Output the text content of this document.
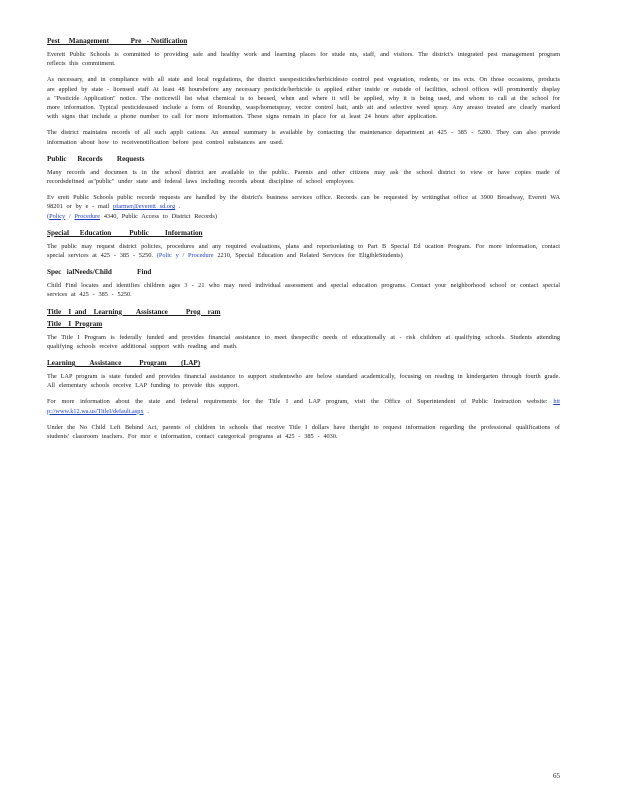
Pest     Management            Pre   - Notification

Everett Public Schools is committed to providing safe and healthy work and learning places for stude nts, staff, and visitors. The district's integrated pest management program reflects this commitment.

As necessary, and in compliance with all state and local regulations, the district usespesticides/herbicidesto control pest vegetation, rodents, or ins ects. On those occasions, products are applied by state - licensed staff At least 48 hoursbefore any necessary pesticide/herbicide is applied either inside or outside of facilities, school offices will prominently display a "Pesticide Application" notice. The noticewill list what chemical is to beused, when and where it will be applied, why it is being used, and whom to call at the school for more information. Typical pesticidesused include a form of Roundup, wasp/hornetspray, vector control bait, antb ait and selective weed spray. Any areaso treated are clearly marked with signs that include a phone number to call for more information. These signs remain in place for at least 24 hours after application.

The district maintains records of all such appli cations. An annual summary is available by contacting the maintenance department at 425 - 385 - 5200. They can also provide information about how to receivenotification before pest control substances are used.

Public      Records        Requests

Many records and documen ts in the school district are available to the public. Parents and other citizens may ask the school district to view or have copies made of recordsdefined as"public" under state and federal laws including records about discipline of school employees.

Ev erett Public Schools public records requests are handled by the district's business services office. Records can be requested by writingthat office at 3900 Broadway, Everett WA 98201 or by e - mail pfarmer@everett sd.org .
(Policy / Procedure 4340, Public Access to District Records)

Special      Education          Public         Information

The public may request district policies, procedures and any required evaluations, plans and reportsrelating to Part B Special Ed ucation Program. For more information, contact special services at 425 - 385 - 5250. (Polic y / Procedure 2210, Special Education and Related Services for EligibleStudents)

Spec   ialNeeds/Child              Find

Child Find locates and identifies children ages 3 - 21 who may need individual assessment and special education programs. Contact your neighborhood school or contact special services at 425 - 385 - 5250.

Title    I  and    Learning        Assistance          Prog    ram
Title    I  Program

The Title I Program is federally funded and provides financial assistance to meet thespecific needs of educationally at - risk children at qualifying schools. Students attending qualifying schools receive additional support with reading and math.

Learning        Assistance          Program        (LAP)

The LAP program is state funded and provides financial assistance to support studentswho are below standard academically, focusing on reading in kindergarten through fourth grade. All elementary schools receive LAP funding to provide this support.

For more information about the state and federal requirements for the Title I and LAP program, visit the Office of Superintendent of Public Instruction website: htt p://www.k12.wa.us/TitleI/default.aspx .

Under the No Child Left Behind Act, parents of children in schools that receive Title I dollars have theright to request information regarding the professional qualifications of students' classroom teachers. For mor e information, contact categorical programs at 425 - 385 - 4030.

65
